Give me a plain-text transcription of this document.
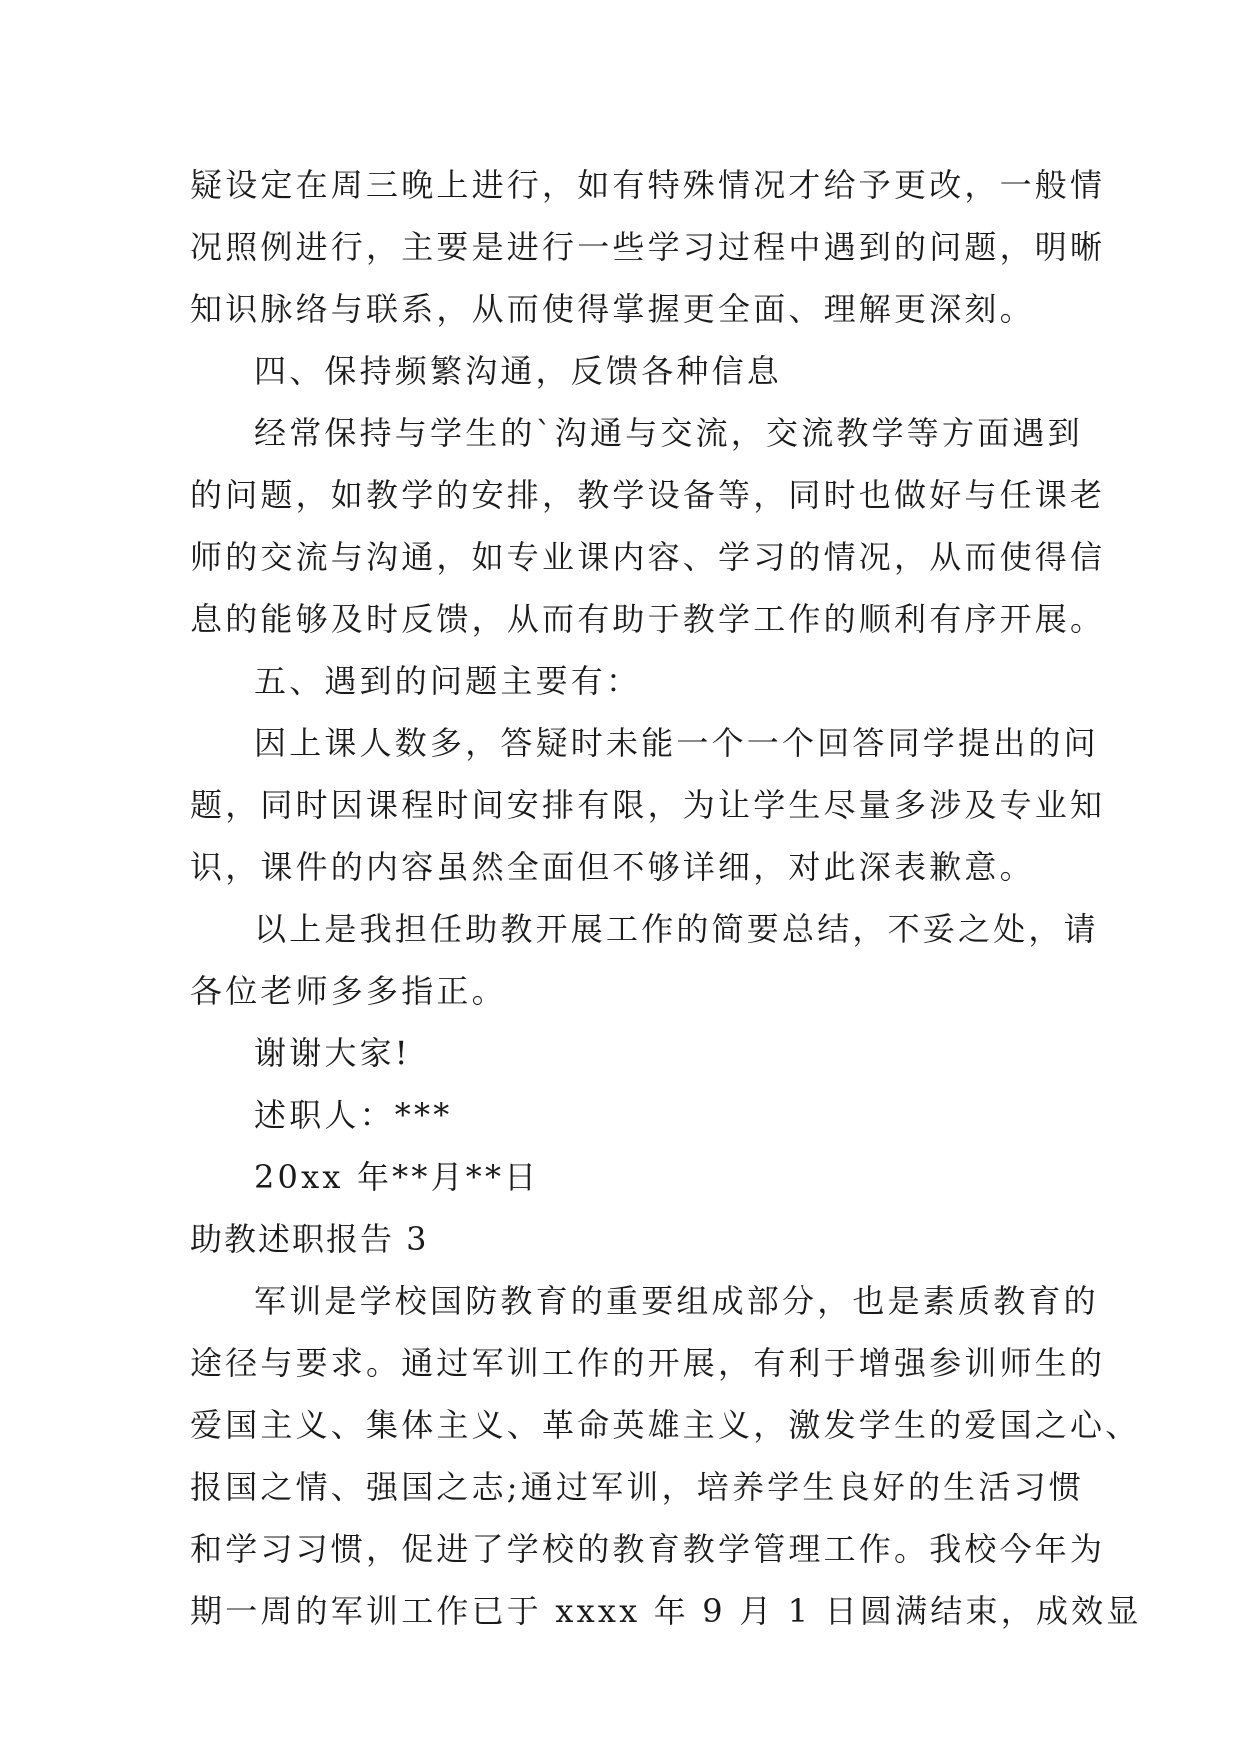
疑设定在周三晚上进行，如有特殊情况才给予更改，一般情
况照例进行，主要是进行一些学习过程中遇到的问题，明晰
知识脉络与联系，从而使得掌握更全面、理解更深刻。
四、保持频繁沟通，反馈各种信息
经常保持与学生的`沟通与交流，交流教学等方面遇到
的问题，如教学的安排，教学设备等，同时也做好与任课老
师的交流与沟通，如专业课内容、学习的情况，从而使得信
息的能够及时反馈，从而有助于教学工作的顺利有序开展。
五、遇到的问题主要有：
因上课人数多，答疑时未能一个一个回答同学提出的问
题，同时因课程时间安排有限，为让学生尽量多涉及专业知
识，课件的内容虽然全面但不够详细，对此深表歉意。
以上是我担任助教开展工作的简要总结，不妥之处，请
各位老师多多指正。
谢谢大家!
述职人：***
20xx 年**月**日
助教述职报告 3
军训是学校国防教育的重要组成部分，也是素质教育的
途径与要求。通过军训工作的开展，有利于增强参训师生的
爱国主义、集体主义、革命英雄主义，激发学生的爱国之心、
报国之情、强国之志;通过军训，培养学生良好的生活习惯
和学习习惯，促进了学校的教育教学管理工作。我校今年为
期一周的军训工作已于 xxxx 年 9 月 1 日圆满结束，成效显
